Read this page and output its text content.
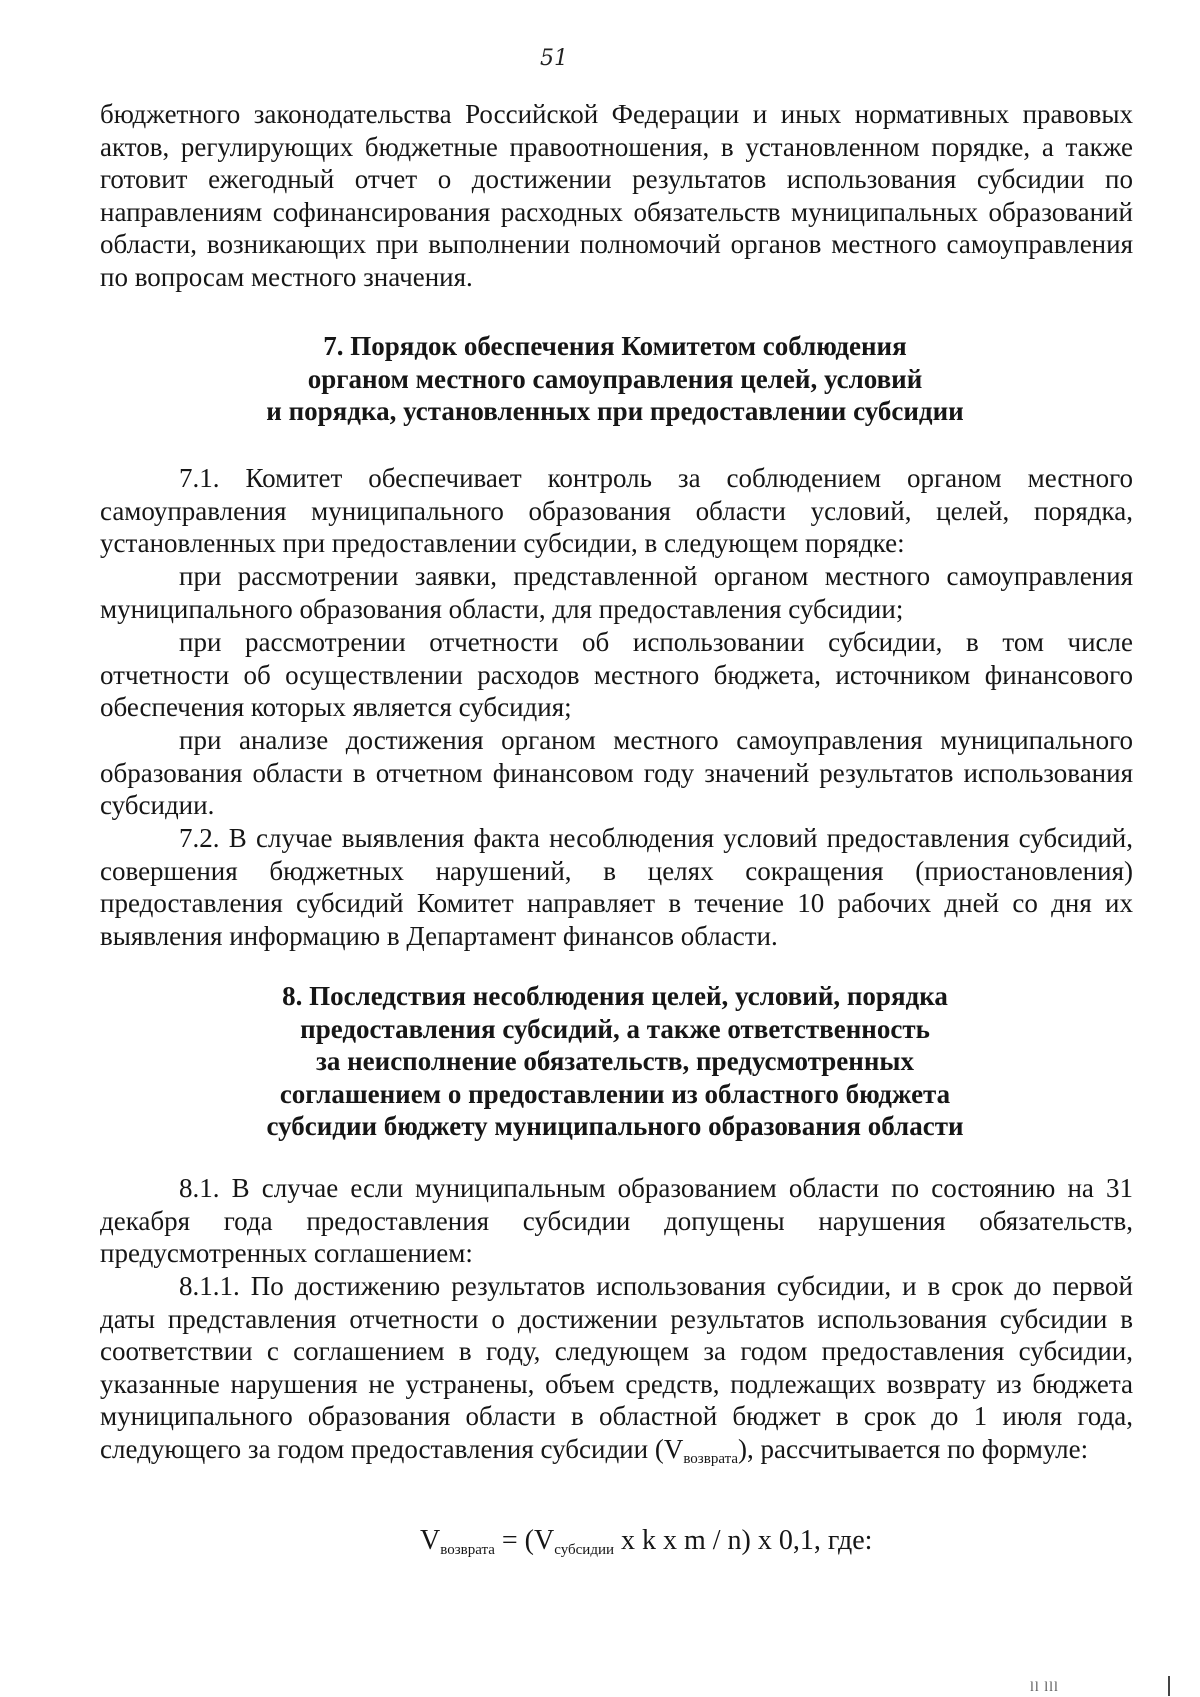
51

бюджетного законодательства Российской Федерации и иных нормативных правовых актов, регулирующих бюджетные правоотношения, в установленном порядке, а также готовит ежегодный отчет о достижении результатов использования субсидии по направлениям софинансирования расходных обязательств муниципальных образований области, возникающих при выполнении полномочий органов местного самоуправления по вопросам местного значения.

7. Порядок обеспечения Комитетом соблюдения
органом местного самоуправления целей, условий
и порядка, установленных при предоставлении субсидии

7.1. Комитет обеспечивает контроль за соблюдением органом местного самоуправления муниципального образования области условий, целей, порядка, установленных при предоставлении субсидии, в следующем порядке:

при рассмотрении заявки, представленной органом местного самоуправления муниципального образования области, для предоставления субсидии;

при рассмотрении отчетности об использовании субсидии, в том числе отчетности об осуществлении расходов местного бюджета, источником финансового обеспечения которых является субсидия;

при анализе достижения органом местного самоуправления муниципального образования области в отчетном финансовом году значений результатов использования субсидии.

7.2. В случае выявления факта несоблюдения условий предоставления субсидий, совершения бюджетных нарушений, в целях сокращения (приостановления) предоставления субсидий Комитет направляет в течение 10 рабочих дней со дня их выявления информацию в Департамент финансов области.

8. Последствия несоблюдения целей, условий, порядка
предоставления субсидий, а также ответственность
за неисполнение обязательств, предусмотренных
соглашением о предоставлении из областного бюджета
субсидии бюджету муниципального образования области

8.1. В случае если муниципальным образованием области по состоянию на 31 декабря года предоставления субсидии допущены нарушения обязательств, предусмотренных соглашением:

8.1.1. По достижению результатов использования субсидии, и в срок до первой даты представления отчетности о достижении результатов использования субсидии в соответствии с соглашением в году, следующем за годом предоставления субсидии, указанные нарушения не устранены, объем средств, подлежащих возврату из бюджета муниципального образования области в областной бюджет в срок до 1 июля года, следующего за годом предоставления субсидии $(V_{возврата})$, рассчитывается по формуле:

$V_{возврата} = (V_{субсидии}$ x k x m / n) x 0,1, где:
ll lll
